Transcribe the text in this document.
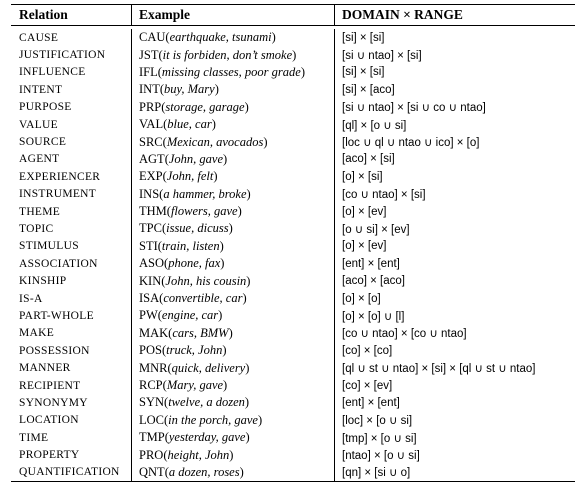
Relation	Example	DOMAIN × RANGE
CAUSE	CAU ( earthquake, tsunami )	[si] × [si]
JUSTIFICATION	JST ( it is forbiden, don’t smoke )	[si ∪ ntao] × [si]
INFLUENCE	IFL ( missing classes, poor grade )	[si] × [si]
INTENT	INT ( buy, Mary )	[si] × [aco]
PURPOSE	PRP ( storage, garage )	[si ∪ ntao] × [si ∪ co ∪ ntao]
VALUE	VAL ( blue, car )	[ql] × [o ∪ si]
SOURCE	SRC ( Mexican, avocados )	[loc ∪ ql ∪ ntao ∪ ico] × [o]
AGENT	AGT ( John, gave )	[aco] × [si]
EXPERIENCER	EXP ( John, felt )	[o] × [si]
INSTRUMENT	INS ( a hammer, broke )	[co ∪ ntao] × [si]
THEME	THM ( flowers, gave )	[o] × [ev]
TOPIC	TPC ( issue, dicuss )	[o ∪ si] × [ev]
STIMULUS	STI ( train, listen )	[o] × [ev]
ASSOCIATION	ASO ( phone, fax )	[ent] × [ent]
KINSHIP	KIN ( John, his cousin )	[aco] × [aco]
IS-A	ISA ( convertible, car )	[o] × [o]
PART-WHOLE	PW ( engine, car )	[o] × [o] ∪ [l]
MAKE	MAK ( cars, BMW )	[co ∪ ntao] × [co ∪ ntao]
POSSESSION	POS ( truck, John )	[co] × [co]
MANNER	MNR ( quick, delivery )	[ql ∪ st ∪ ntao] × [si] × [ql ∪ st ∪ ntao]
RECIPIENT	RCP ( Mary, gave )	[co] × [ev]
SYNONYMY	SYN ( twelve, a dozen )	[ent] × [ent]
LOCATION	LOC ( in the porch, gave )	[loc] × [o ∪ si]
TIME	TMP ( yesterday, gave )	[tmp] × [o ∪ si]
PROPERTY	PRO ( height, John )	[ntao] × [o ∪ si]
QUANTIFICATION	QNT ( a dozen, roses )	[qn] × [si ∪ o]
